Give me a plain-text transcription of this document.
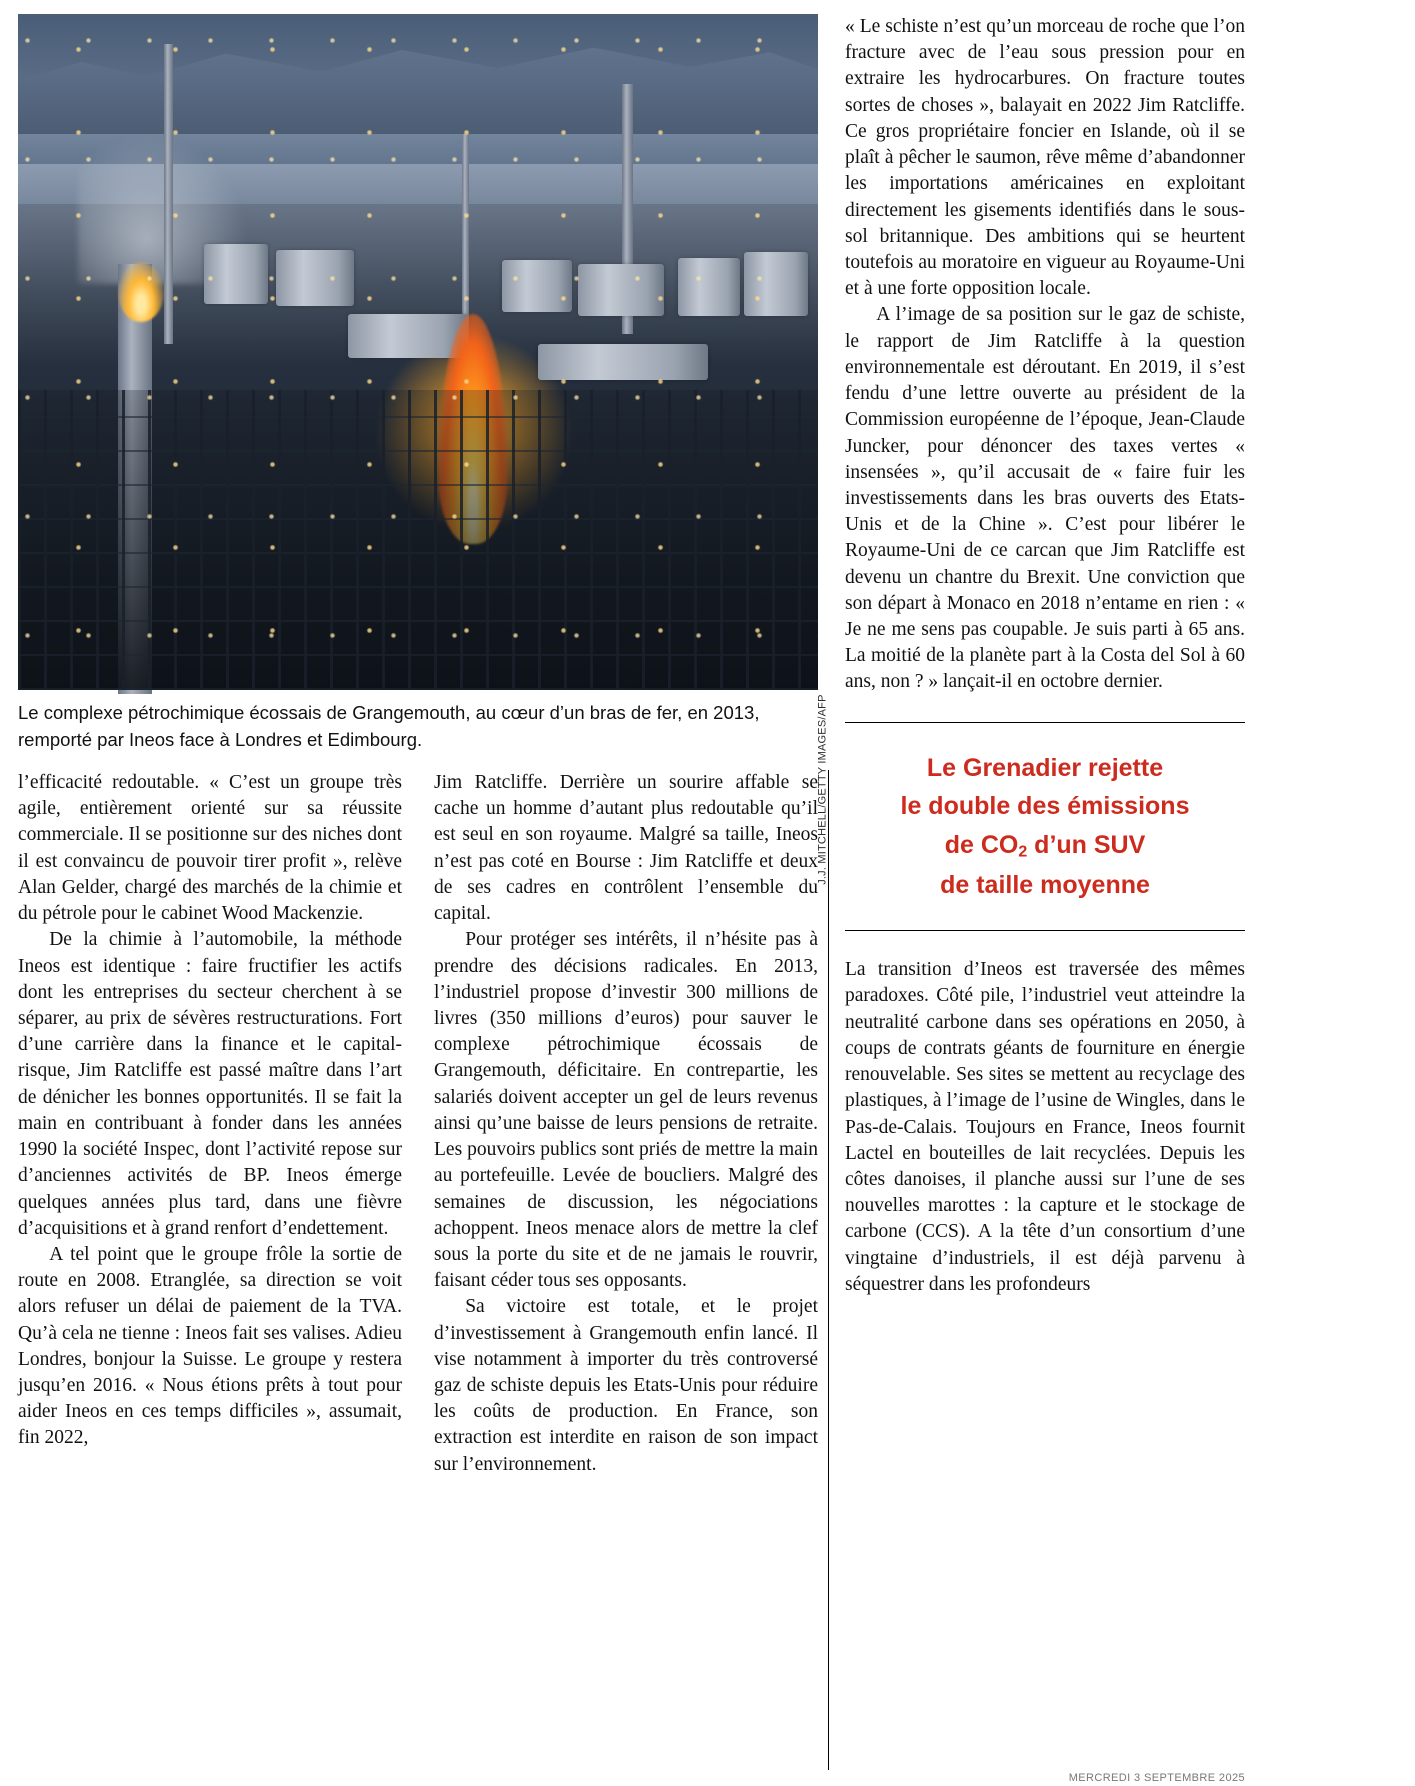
J.J. MITCHELL/GETTY IMAGES/AFP
Le complexe pétrochimique écossais de Grangemouth, au cœur d’un bras de fer, en 2013, remporté par Ineos face à Londres et Edimbourg.

l’efficacité redoutable. « C’est un groupe très agile, entièrement orienté sur sa réussite commerciale. Il se positionne sur des niches dont il est convaincu de pouvoir tirer profit », relève Alan Gelder, chargé des marchés de la chimie et du pétrole pour le cabinet Wood Mackenzie.

De la chimie à l’automobile, la méthode Ineos est identique : faire fructifier les actifs dont les entreprises du secteur cherchent à se séparer, au prix de sévères restructurations. Fort d’une carrière dans la finance et le capital-risque, Jim Ratcliffe est passé maître dans l’art de dénicher les bonnes opportunités. Il se fait la main en contribuant à fonder dans les années 1990 la société Inspec, dont l’activité repose sur d’anciennes activités de BP. Ineos émerge quelques années plus tard, dans une fièvre d’acquisitions et à grand renfort d’endettement.

A tel point que le groupe frôle la sortie de route en 2008. Etranglée, sa direction se voit alors refuser un délai de paiement de la TVA. Qu’à cela ne tienne : Ineos fait ses valises. Adieu Londres, bonjour la Suisse. Le groupe y restera jusqu’en 2016. « Nous étions prêts à tout pour aider Ineos en ces temps difficiles », assumait, fin 2022,

Jim Ratcliffe. Derrière un sourire affable se cache un homme d’autant plus redoutable qu’il est seul en son royaume. Malgré sa taille, Ineos n’est pas coté en Bourse : Jim Ratcliffe et deux de ses cadres en contrôlent l’ensemble du capital.

Pour protéger ses intérêts, il n’hésite pas à prendre des décisions radicales. En 2013, l’industriel propose d’investir 300 millions de livres (350 millions d’euros) pour sauver le complexe pétrochimique écossais de Grangemouth, déficitaire. En contrepartie, les salariés doivent accepter un gel de leurs revenus ainsi qu’une baisse de leurs pensions de retraite. Les pouvoirs publics sont priés de mettre la main au portefeuille. Levée de boucliers. Malgré des semaines de discussion, les négociations achoppent. Ineos menace alors de mettre la clef sous la porte du site et de ne jamais le rouvrir, faisant céder tous ses opposants.

Sa victoire est totale, et le projet d’investissement à Grangemouth enfin lancé. Il vise notamment à importer du très controversé gaz de schiste depuis les Etats-Unis pour réduire les coûts de production. En France, son extraction est interdite en raison de son impact sur l’environnement.

« Le schiste n’est qu’un morceau de roche que l’on fracture avec de l’eau sous pression pour en extraire les hydrocarbures. On fracture toutes sortes de choses », balayait en 2022 Jim Ratcliffe. Ce gros propriétaire foncier en Islande, où il se plaît à pêcher le saumon, rêve même d’abandonner les importations américaines en exploitant directement les gisements identifiés dans le sous-sol britannique. Des ambitions qui se heurtent toutefois au moratoire en vigueur au Royaume-Uni et à une forte opposition locale.

A l’image de sa position sur le gaz de schiste, le rapport de Jim Ratcliffe à la question environnementale est déroutant. En 2019, il s’est fendu d’une lettre ouverte au président de la Commission européenne de l’époque, Jean-Claude Juncker, pour dénoncer des taxes vertes « insensées », qu’il accusait de « faire fuir les investissements dans les bras ouverts des Etats-Unis et de la Chine ». C’est pour libérer le Royaume-Uni de ce carcan que Jim Ratcliffe est devenu un chantre du Brexit. Une conviction que son départ à Monaco en 2018 n’entame en rien : « Je ne me sens pas coupable. Je suis parti à 65 ans. La moitié de la planète part à la Costa del Sol à 60 ans, non ? » lançait-il en octobre dernier.

Le Grenadier rejette
le double des émissions
de $CO_2$ d’un SUV
de taille moyenne

La transition d’Ineos est traversée des mêmes paradoxes. Côté pile, l’industriel veut atteindre la neutralité carbone dans ses opérations en 2050, à coups de contrats géants de fourniture en énergie renouvelable. Ses sites se mettent au recyclage des plastiques, à l’image de l’usine de Wingles, dans le Pas-de-Calais. Toujours en France, Ineos fournit Lactel en bouteilles de lait recyclées. Depuis les côtes danoises, il planche aussi sur l’une de ses nouvelles marottes : la capture et le stockage de carbone (CCS). A la tête d’un consortium d’une vingtaine d’industriels, il est déjà parvenu à séquestrer dans les profondeurs

MERCREDI 3 SEPTEMBRE 2025
